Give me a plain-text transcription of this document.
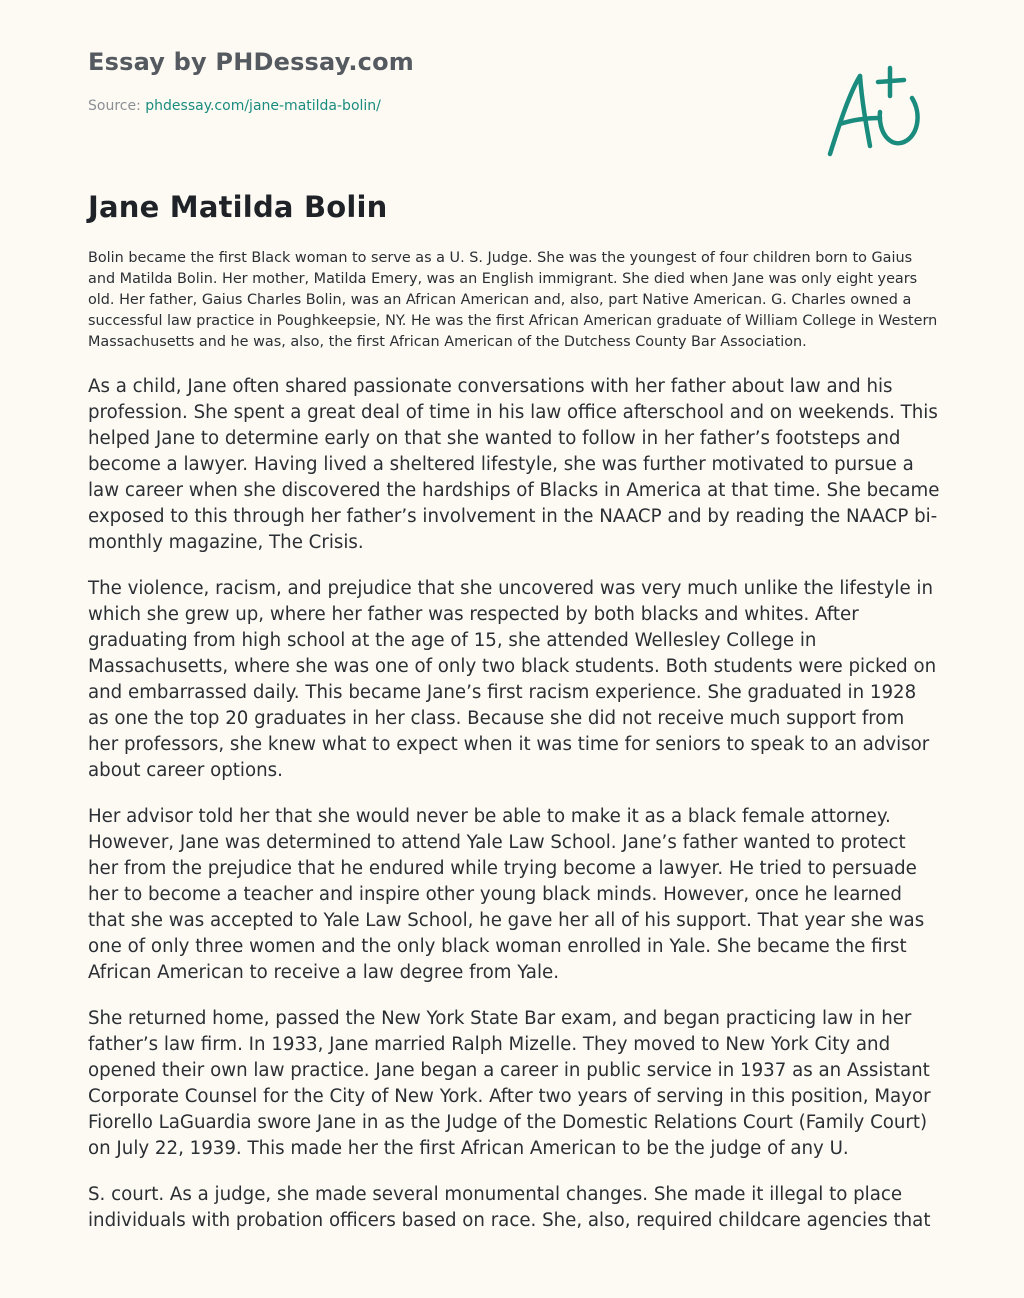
Essay by PHDessay.com
Source: phdessay.com/jane-matilda-bolin/
Jane Matilda Bolin

Bolin became the first Black woman to serve as a U. S. Judge. She was the youngest of four children born to Gaius and Matilda Bolin. Her mother, Matilda Emery, was an English immigrant. She died when Jane was only eight years old. Her father, Gaius Charles Bolin, was an African American and, also, part Native American. G. Charles owned a successful law practice in Poughkeepsie, NY. He was the first African American graduate of William College in Western Massachusetts and he was, also, the first African American of the Dutchess County Bar Association.

As a child, Jane often shared passionate conversations with her father about law and his profession. She spent a great deal of time in his law office afterschool and on weekends. This helped Jane to determine early on that she wanted to follow in her father’s footsteps and become a lawyer. Having lived a sheltered lifestyle, she was further motivated to pursue a law career when she discovered the hardships of Blacks in America at that time. She became exposed to this through her father’s involvement in the NAACP and by reading the NAACP bi-monthly magazine, The Crisis.

The violence, racism, and prejudice that she uncovered was very much unlike the lifestyle in which she grew up, where her father was respected by both blacks and whites. After graduating from high school at the age of 15, she attended Wellesley College in Massachusetts, where she was one of only two black students. Both students were picked on and embarrassed daily. This became Jane’s first racism experience. She graduated in 1928 as one the top 20 graduates in her class. Because she did not receive much support from her professors, she knew what to expect when it was time for seniors to speak to an advisor about career options.

Her advisor told her that she would never be able to make it as a black female attorney. However, Jane was determined to attend Yale Law School. Jane’s father wanted to protect her from the prejudice that he endured while trying become a lawyer. He tried to persuade her to become a teacher and inspire other young black minds. However, once he learned that she was accepted to Yale Law School, he gave her all of his support. That year she was one of only three women and the only black woman enrolled in Yale. She became the first African American to receive a law degree from Yale.

She returned home, passed the New York State Bar exam, and began practicing law in her father’s law firm. In 1933, Jane married Ralph Mizelle. They moved to New York City and opened their own law practice. Jane began a career in public service in 1937 as an Assistant Corporate Counsel for the City of New York. After two years of serving in this position, Mayor Fiorello LaGuardia swore Jane in as the Judge of the Domestic Relations Court (Family Court) on July 22, 1939. This made her the first African American to be the judge of any U.

S. court. As a judge, she made several monumental changes. She made it illegal to place individuals with probation officers based on race. She, also, required childcare agencies that
